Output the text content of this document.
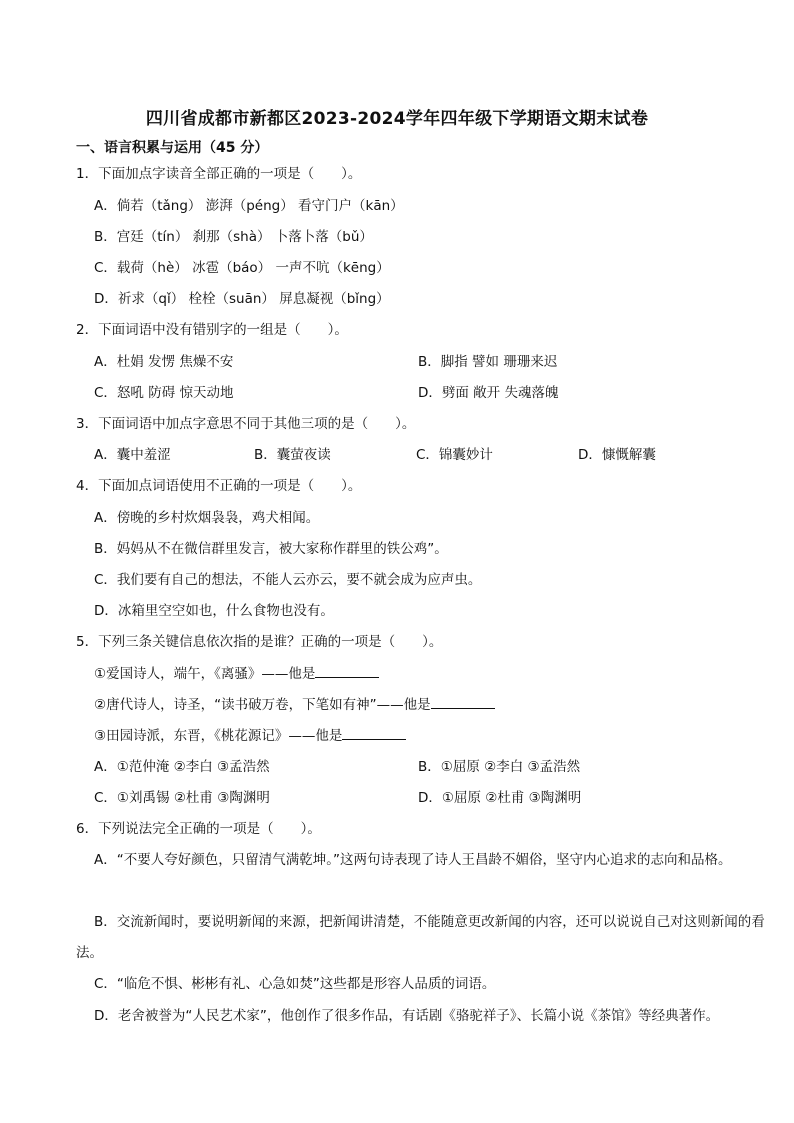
四川省成都市新都区2023-2024学年四年级下学期语文期末试卷
一、语言积累与运用（45 分）
1．下面加点字读音全部正确的一项是（　　）。
A．倘若（tǎng） 澎湃（péng） 看守门户（kān）
B．宫廷（tín） 刹那（shà） 卜落卜落（bǔ）
C．载荷（hè） 冰雹（báo） 一声不吭（kēng）
D．祈求（qǐ） 栓栓（suān） 屏息凝视（bǐng）
2．下面词语中没有错别字的一组是（　　）。
A．杜娟 发愣 焦燥不安	B．脚指 譬如 珊珊来迟
C．怒吼 防碍 惊天动地	D．劈面 敞开 失魂落魄
3．下面词语中加点字意思不同于其他三项的是（　　）。
A．囊中羞涩	B．囊萤夜读	C．锦囊妙计	D．慷慨解囊
4．下面加点词语使用不正确的一项是（　　）。
A．傍晚的乡村炊烟袅袅，鸡犬相闻。
B．妈妈从不在微信群里发言，被大家称作群里的铁公鸡”。
C．我们要有自己的想法，不能人云亦云，要不就会成为应声虫。
D．冰箱里空空如也，什么食物也没有。
5．下列三条关键信息依次指的是谁？正确的一项是（　　）。
①爱国诗人，端午，《离骚》——他是
②唐代诗人，诗圣，“读书破万卷，下笔如有神”——他是
③田园诗派，东晋，《桃花源记》——他是
A．①范仲淹 ②李白 ③孟浩然	B．①屈原 ②李白 ③孟浩然
C．①刘禹锡 ②杜甫 ③陶渊明	D．①屈原 ②杜甫 ③陶渊明
6．下列说法完全正确的一项是（　　）。
A．“不要人夸好颜色，只留清气满乾坤。”这两句诗表现了诗人王昌龄不媚俗，坚守内心追求的志向和品格。
B．交流新闻时，要说明新闻的来源，把新闻讲清楚，不能随意更改新闻的内容，还可以说说自己对这则新闻的看法。
C．“临危不惧、彬彬有礼、心急如焚”这些都是形容人品质的词语。
D．老舍被誉为“人民艺术家”，他创作了很多作品，有话剧《骆驼祥子》、长篇小说《茶馆》等经典著作。
